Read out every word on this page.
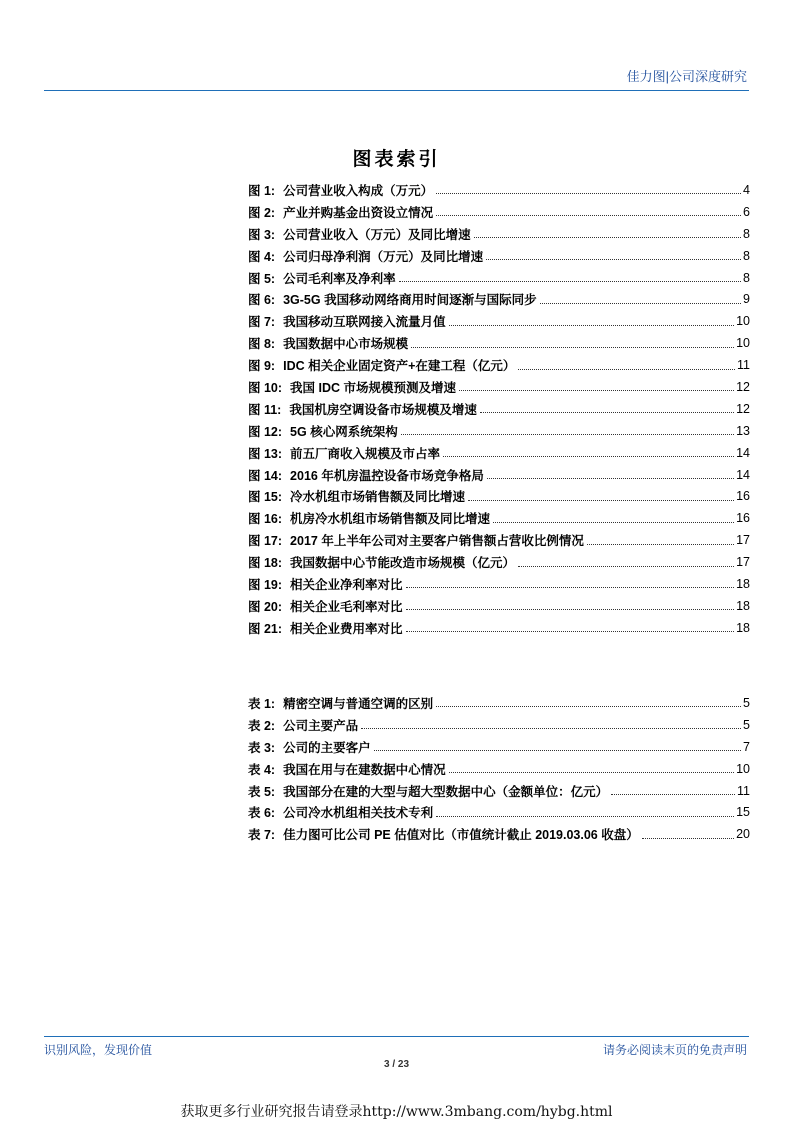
佳力图|公司深度研究
图表索引
图 1: 公司营业收入构成（万元）	4
图 2: 产业并购基金出资设立情况	6
图 3: 公司营业收入（万元）及同比增速	8
图 4: 公司归母净利润（万元）及同比增速	8
图 5: 公司毛利率及净利率	8
图 6: 3G-5G 我国移动网络商用时间逐渐与国际同步	9
图 7: 我国移动互联网接入流量月值	10
图 8: 我国数据中心市场规模	10
图 9: IDC 相关企业固定资产+在建工程（亿元）	11
图 10: 我国 IDC 市场规模预测及增速	12
图 11: 我国机房空调设备市场规模及增速	12
图 12: 5G 核心网系统架构	13
图 13: 前五厂商收入规模及市占率	14
图 14: 2016 年机房温控设备市场竞争格局	14
图 15: 冷水机组市场销售额及同比增速	16
图 16: 机房冷水机组市场销售额及同比增速	16
图 17: 2017 年上半年公司对主要客户销售额占营收比例情况	17
图 18: 我国数据中心节能改造市场规模（亿元）	17
图 19: 相关企业净利率对比	18
图 20: 相关企业毛利率对比	18
图 21: 相关企业费用率对比	18
表 1: 精密空调与普通空调的区别	5
表 2: 公司主要产品	5
表 3: 公司的主要客户	7
表 4: 我国在用与在建数据中心情况	10
表 5: 我国部分在建的大型与超大型数据中心（金额单位：亿元）	11
表 6: 公司冷水机组相关技术专利	15
表 7: 佳力图可比公司 PE 估值对比（市值统计截止 2019.03.06 收盘）	20
识别风险，发现价值	请务必阅读末页的免责声明
3 / 23
获取更多行业研究报告请登录http://www.3mbang.com/hybg.html
